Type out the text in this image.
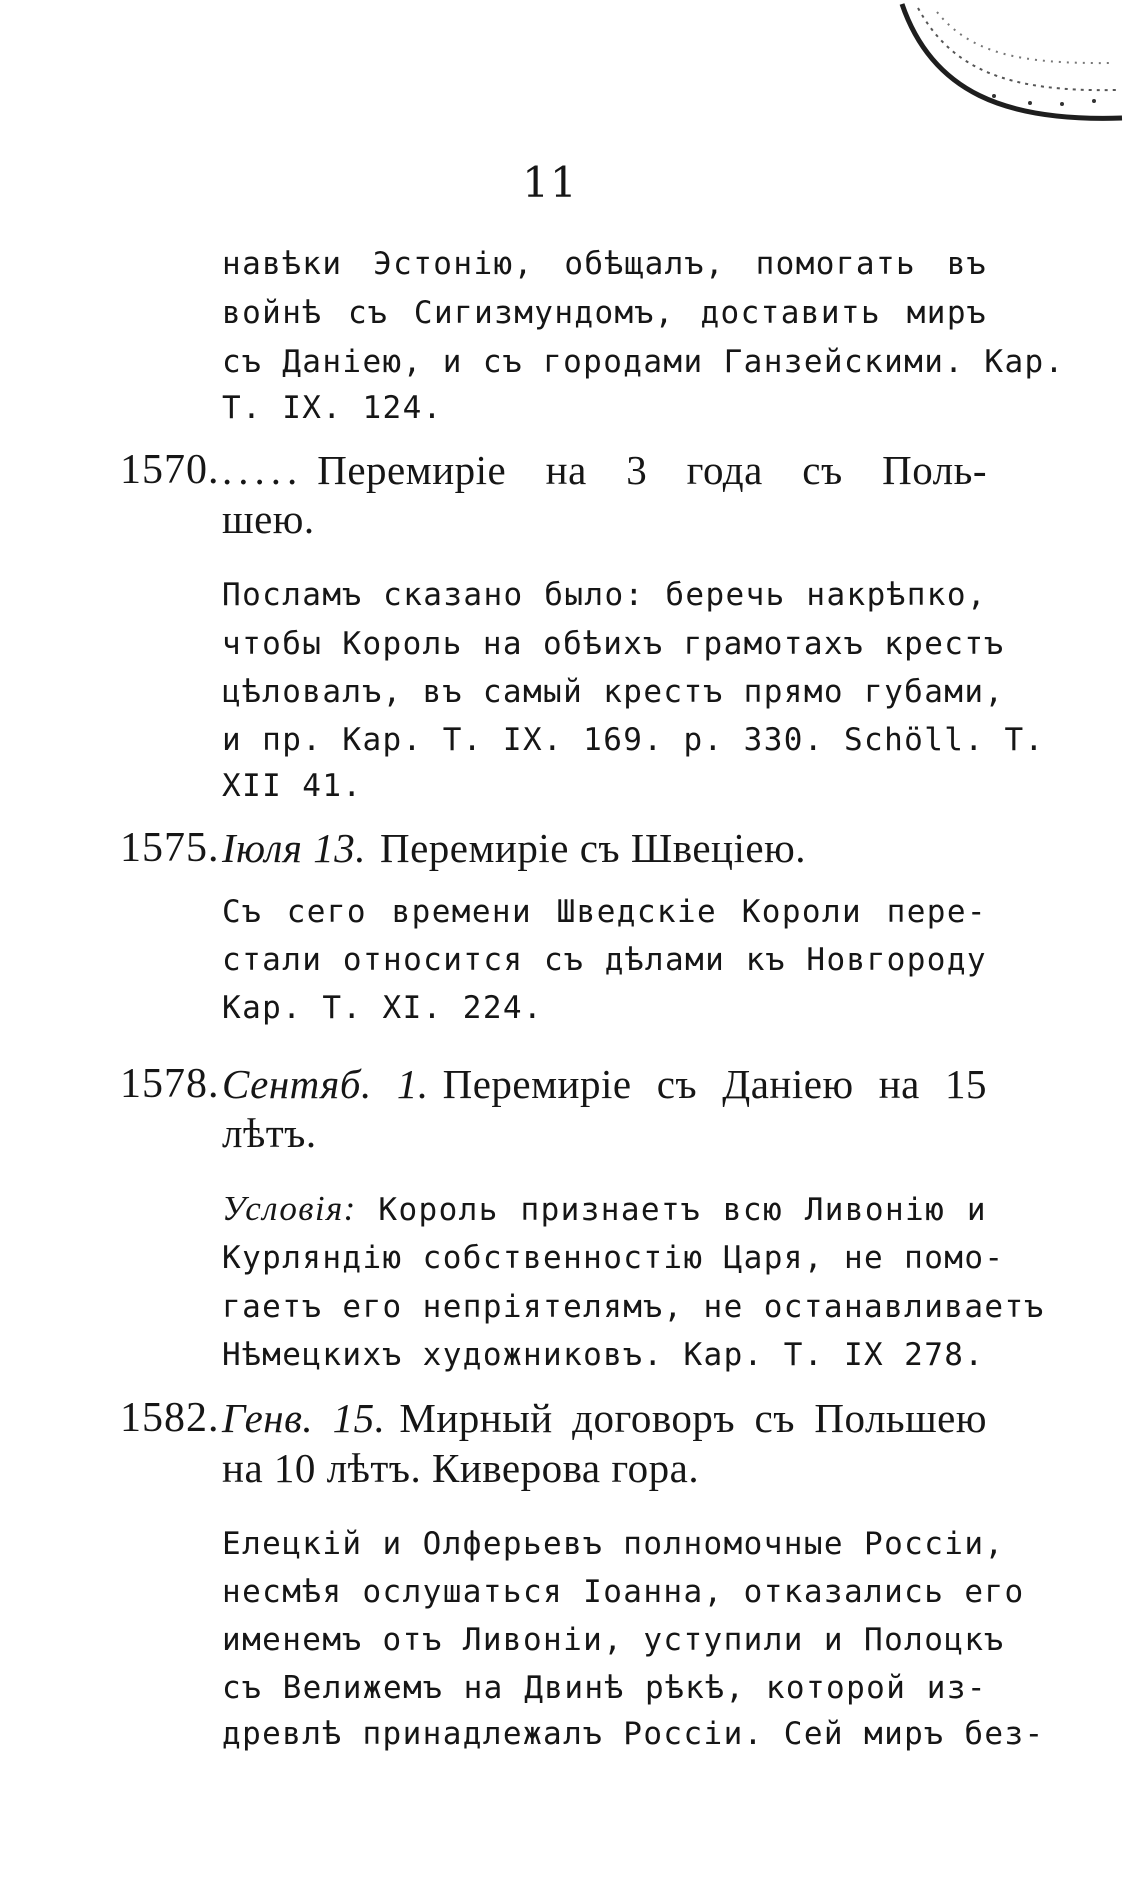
11
навѣки Эстонію, обѣщалъ, помогать въ
войнѣ съ Сигизмундомъ, доставить миръ
съ Даніею, и съ городами Ганзейскими. Кар.
Т. IX. 124.
1570. ..... Перемиріе на 3 года съ Поль-
шею.
Посламъ сказано было: беречь накрѣпко,
чтобы Король на обѣихъ грамотахъ крестъ
цѣловалъ, въ самый крестъ прямо губами,
и пр. Кар. Т. IX. 169. р. 330. Schöll. Т.
XII 41.
1575. Іюля 13. Перемиріе съ Швеціею.
Съ сего времени Шведскіе Короли пере-
стали относится съ дѣлами къ Новгороду
Кар. Т. XI. 224.
1578. Сентяб. 1. Перемиріе съ Даніею на 15
лѣтъ.
Условія: Король признаетъ всю Ливонію и
Курляндію собственностію Царя, не помо-
гаетъ его непріятелямъ, не останавливаетъ
Нѣмецкихъ художниковъ. Кар. Т. IX 278.
1582. Генв. 15. Мирный договоръ съ Польшею
на 10 лѣтъ. Киверова гора.
Елецкій и Олферьевъ полномочные Россіи,
несмѣя ослушаться Іоанна, отказались его
именемъ отъ Ливоніи, уступили и Полоцкъ
съ Велижемъ на Двинѣ рѣкѣ, которой из-
древлѣ принадлежалъ Россіи. Сей миръ без-
